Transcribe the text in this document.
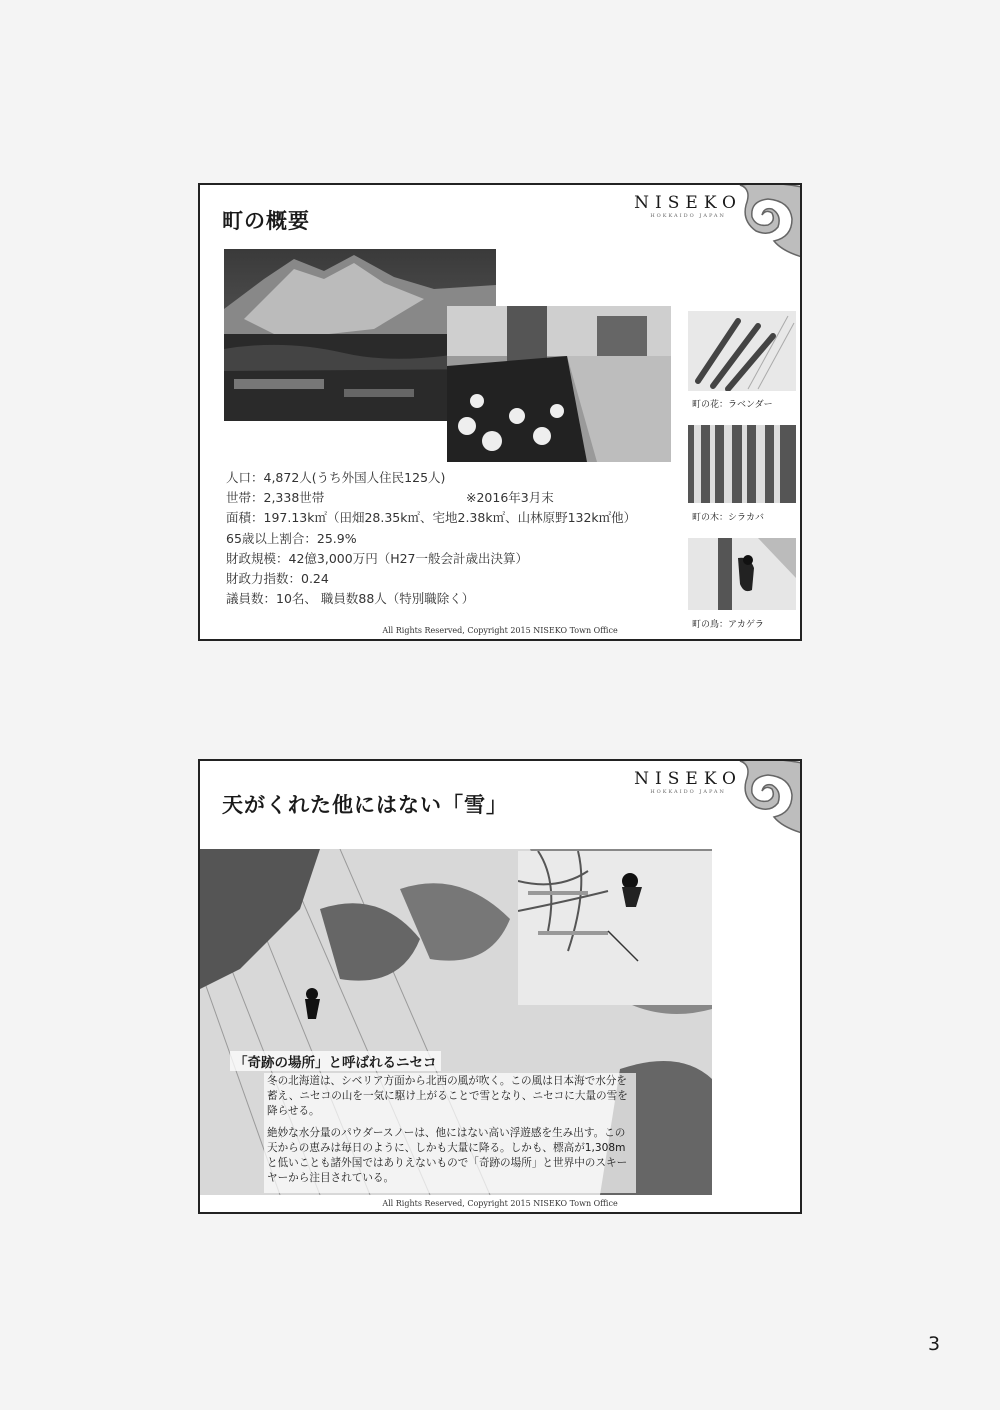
町の概要
NISEKO
HOKKAIDO JAPAN
町の花：ラベンダー
町の木：シラカバ
町の鳥：アカゲラ
人口：4,872人(うち外国人住民125人)
世帯：2,338世帯
面積：197.13k㎡（田畑28.35k㎡、宅地2.38k㎡、山林原野132k㎡他）
65歳以上割合：25.9%
財政規模：42億3,000万円（H27一般会計歳出決算）
財政力指数：0.24
議員数：10名、 職員数88人（特別職除く）
※2016年3月末
All Rights Reserved, Copyright 2015 NISEKO Town Office
天がくれた他にはない「雪」
NISEKO
HOKKAIDO JAPAN
「奇跡の場所」と呼ばれるニセコ

冬の北海道は、シベリア方面から北西の風が吹く。この風は日本海で水分を蓄え、ニセコの山を一気に駆け上がることで雪となり、ニセコに大量の雪を降らせる。

絶妙な水分量のパウダースノーは、他にはない高い浮遊感を生み出す。この天からの恵みは毎日のように、しかも大量に降る。しかも、標高が1,308mと低いことも諸外国ではありえないもので「奇跡の場所」と世界中のスキーヤーから注目されている。

All Rights Reserved, Copyright 2015 NISEKO Town Office
3
